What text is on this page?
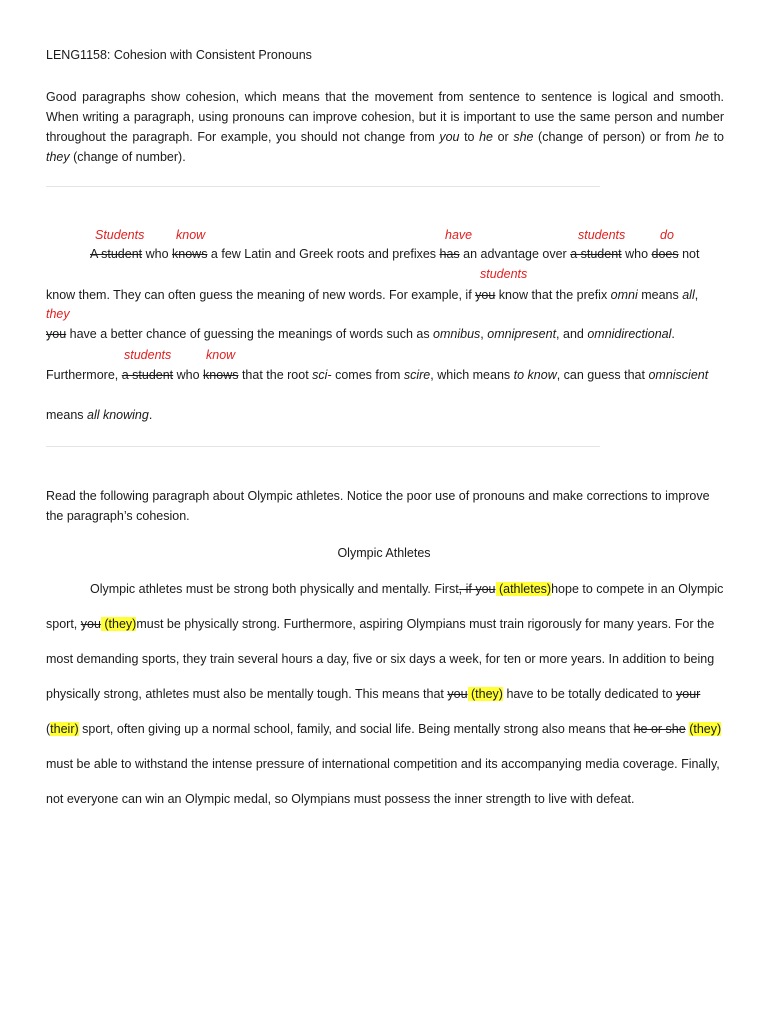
LENG1158: Cohesion with Consistent Pronouns

Good paragraphs show cohesion, which means that the movement from sentence to sentence is logical and smooth. When writing a paragraph, using pronouns can improve cohesion, but it is important to use the same person and number throughout the paragraph. For example, you should not change from you to he or she (change of person) or from he to they (change of number).

Students	know	have	students	do
A student who knows a few Latin and Greek roots and prefixes has an advantage over a student who does not
students
know them. They can often guess the meaning of new words. For example, if you know that the prefix omni means all,
they
you have a better chance of guessing the meanings of words such as omnibus, omnipresent, and omnidirectional.
students	know
Furthermore, a student who knows that the root sci- comes from scire, which means to know, can guess that omniscient
means all knowing.

Read the following paragraph about Olympic athletes. Notice the poor use of pronouns and make corrections to improve the paragraph’s cohesion.

Olympic Athletes

Olympic athletes must be strong both physically and mentally. First, if you (athletes)hope to compete in an Olympic sport, you (they)must be physically strong. Furthermore, aspiring Olympians must train rigorously for many years. For the most demanding sports, they train several hours a day, five or six days a week, for ten or more years. In addition to being physically strong, athletes must also be mentally tough. This means that you (they) have to be totally dedicated to your (their) sport, often giving up a normal school, family, and social life. Being mentally strong also means that he or she (they) must be able to withstand the intense pressure of international competition and its accompanying media coverage. Finally, not everyone can win an Olympic medal, so Olympians must possess the inner strength to live with defeat.
